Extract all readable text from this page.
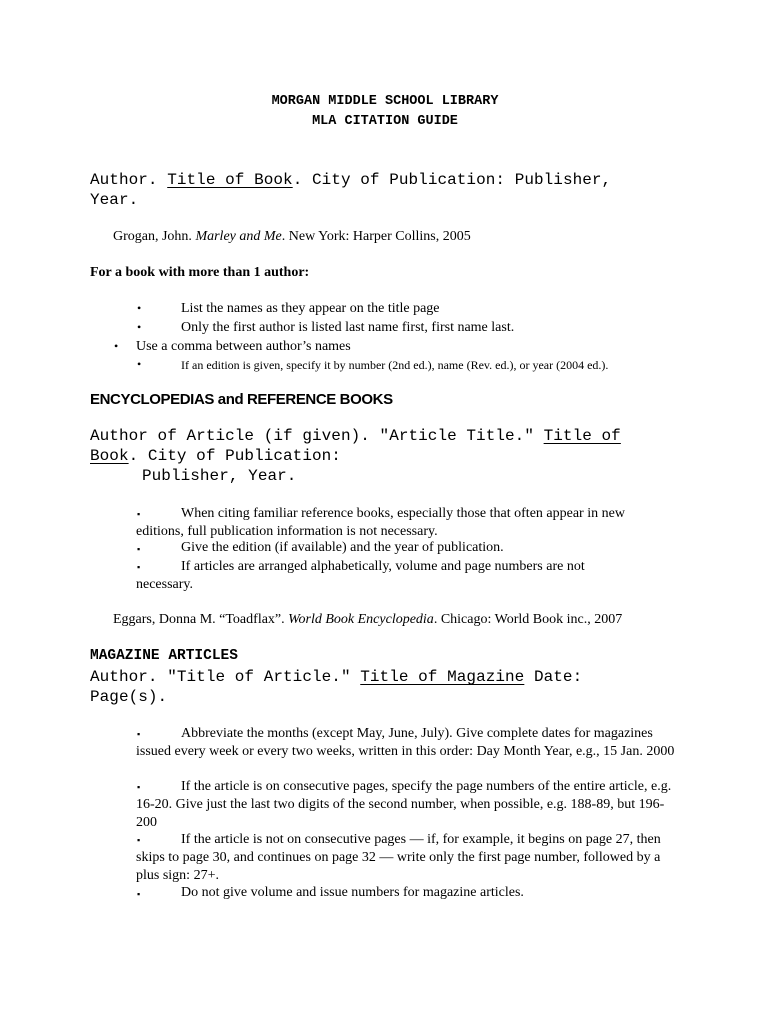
MORGAN MIDDLE SCHOOL LIBRARY
MLA CITATION GUIDE
Author. Title of Book. City of Publication: Publisher,
Year.
Grogan, John. Marley and Me. New York: Harper Collins, 2005
For a book with more than 1 author:
•	List the names as they appear on the title page
•	Only the first author is listed last name first, first name last.
• Use a comma between author’s names
•	If an edition is given, specify it by number (2nd ed.), name (Rev. ed.), or year (2004 ed.).
ENCYCLOPEDIAS and REFERENCE BOOKS
Author of Article (if given). "Article Title." Title of
Book. City of Publication:
Publisher, Year.
▪	When citing familiar reference books, especially those that often appear in new editions, full publication information is not necessary.
▪	Give the edition (if available) and the year of publication.
▪	If articles are arranged alphabetically, volume and page numbers are not necessary.
Eggars, Donna M. “Toadflax”. World Book Encyclopedia. Chicago: World Book inc., 2007
MAGAZINE ARTICLES
Author. "Title of Article." Title of Magazine Date:
Page(s).
▪	Abbreviate the months (except May, June, July). Give complete dates for magazines issued every week or every two weeks, written in this order: Day Month Year, e.g., 15 Jan. 2000
▪	If the article is on consecutive pages, specify the page numbers of the entire article, e.g. 16-20. Give just the last two digits of the second number, when possible, e.g. 188-89, but 196-200
▪	If the article is not on consecutive pages — if, for example, it begins on page 27, then skips to page 30, and continues on page 32 — write only the first page number, followed by a plus sign: 27+.
▪	Do not give volume and issue numbers for magazine articles.
